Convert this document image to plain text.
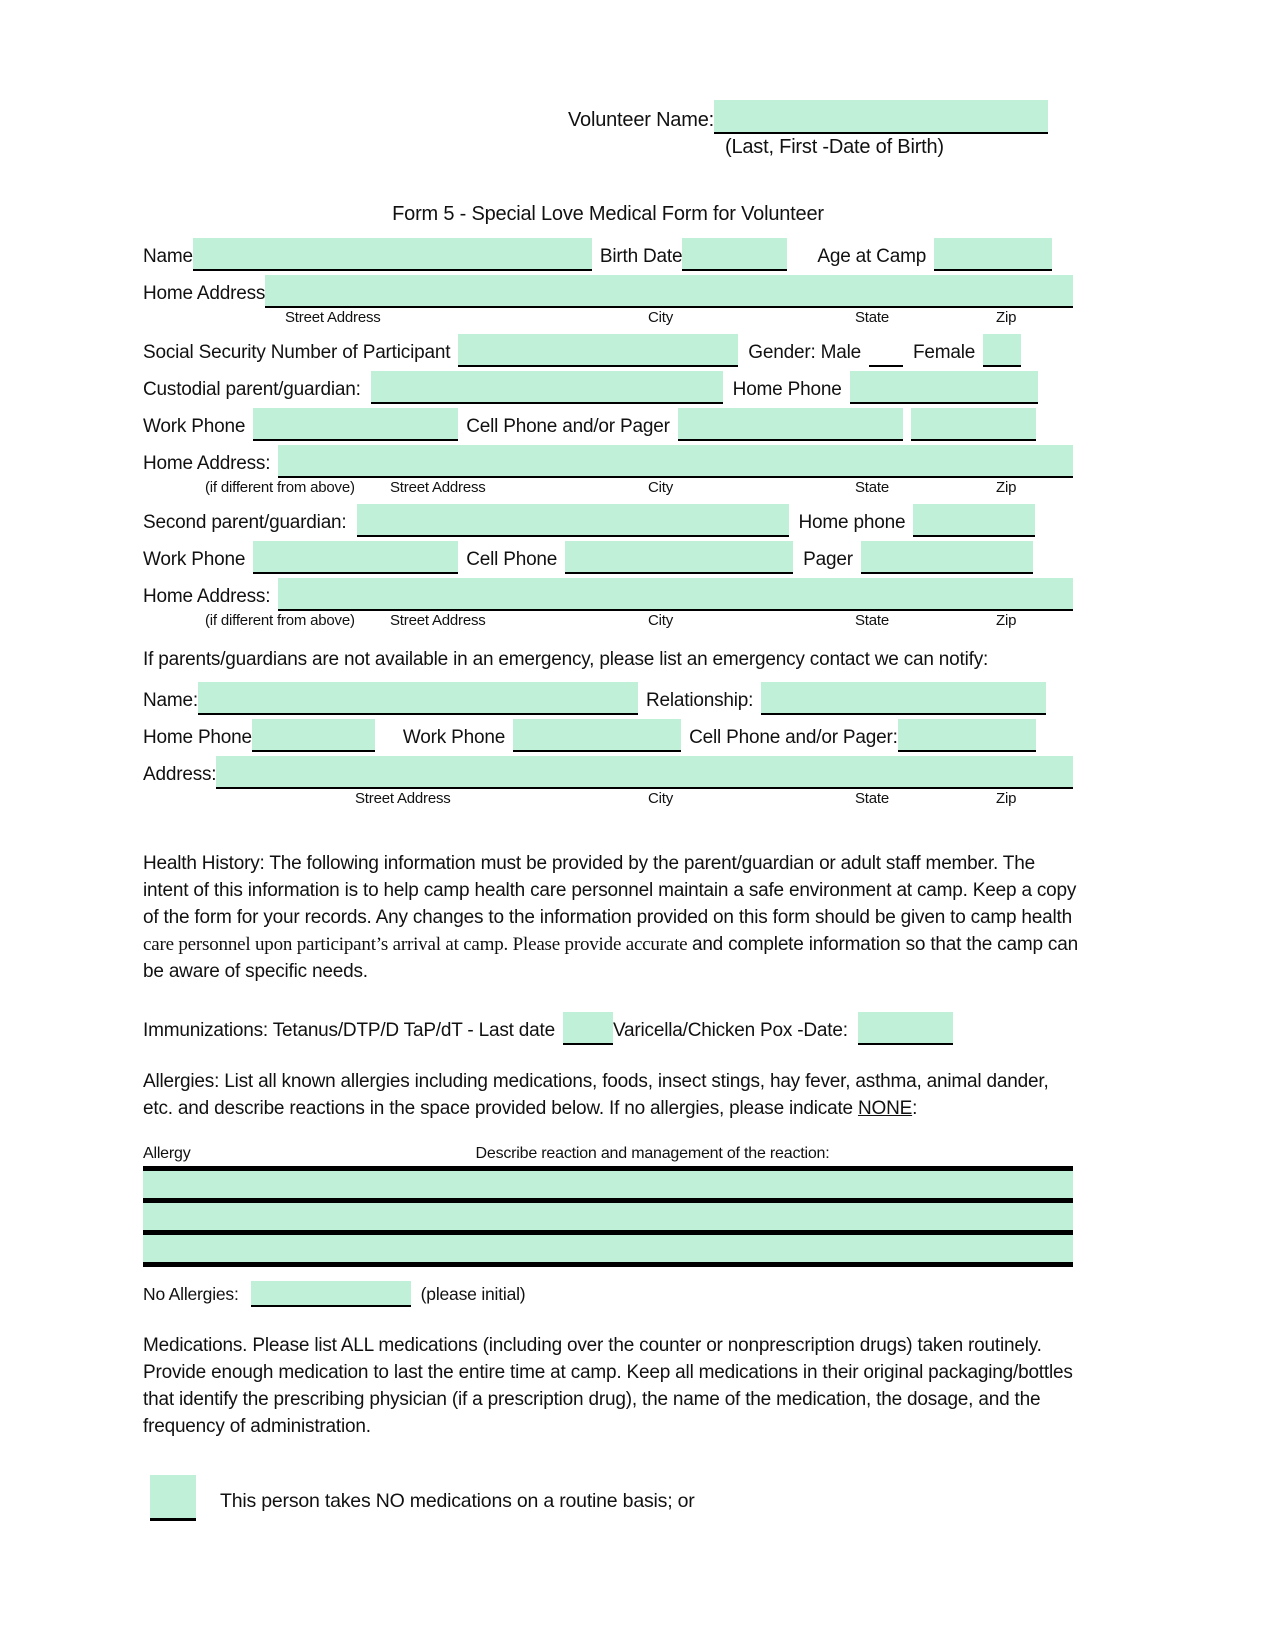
Volunteer Name:
(Last, First -Date of Birth)
Form 5 - Special Love Medical Form for Volunteer
Name	Birth Date	Age at Camp
Home Address
Street Address	City	State	Zip
Social Security Number of Participant	Gender: Male	Female
Custodial parent/guardian:	Home Phone
Work Phone	Cell Phone and/or Pager
Home Address:
(if different from above) Street Address	City	State	Zip
Second parent/guardian:	Home phone
Work Phone	Cell Phone	Pager
Home Address:
(if different from above) Street Address	City	State	Zip
If parents/guardians are not available in an emergency, please list an emergency contact we can notify:
Name:	Relationship:
Home Phone	Work Phone	Cell Phone and/or Pager:
Address:
Street Address	City	State	Zip
Health History: The following information must be provided by the parent/guardian or adult staff member. The intent of this information is to help camp health care personnel maintain a safe environment at camp. Keep a copy of the form for your records. Any changes to the information provided on this form should be given to camp health care personnel upon participant’s arrival at camp. Please provide accurate and complete information so that the camp can be aware of specific needs.
Immunizations: Tetanus/DTP/D TaP/dT - Last date	Varicella/Chicken Pox -Date:
Allergies: List all known allergies including medications, foods, insect stings, hay fever, asthma, animal dander, etc. and describe reactions in the space provided below. If no allergies, please indicate NONE:
Allergy	Describe reaction and management of the reaction:
No Allergies:	(please initial)
Medications. Please list ALL medications (including over the counter or nonprescription drugs) taken routinely. Provide enough medication to last the entire time at camp. Keep all medications in their original packaging/bottles that identify the prescribing physician (if a prescription drug), the name of the medication, the dosage, and the frequency of administration.
This person takes NO medications on a routine basis; or
